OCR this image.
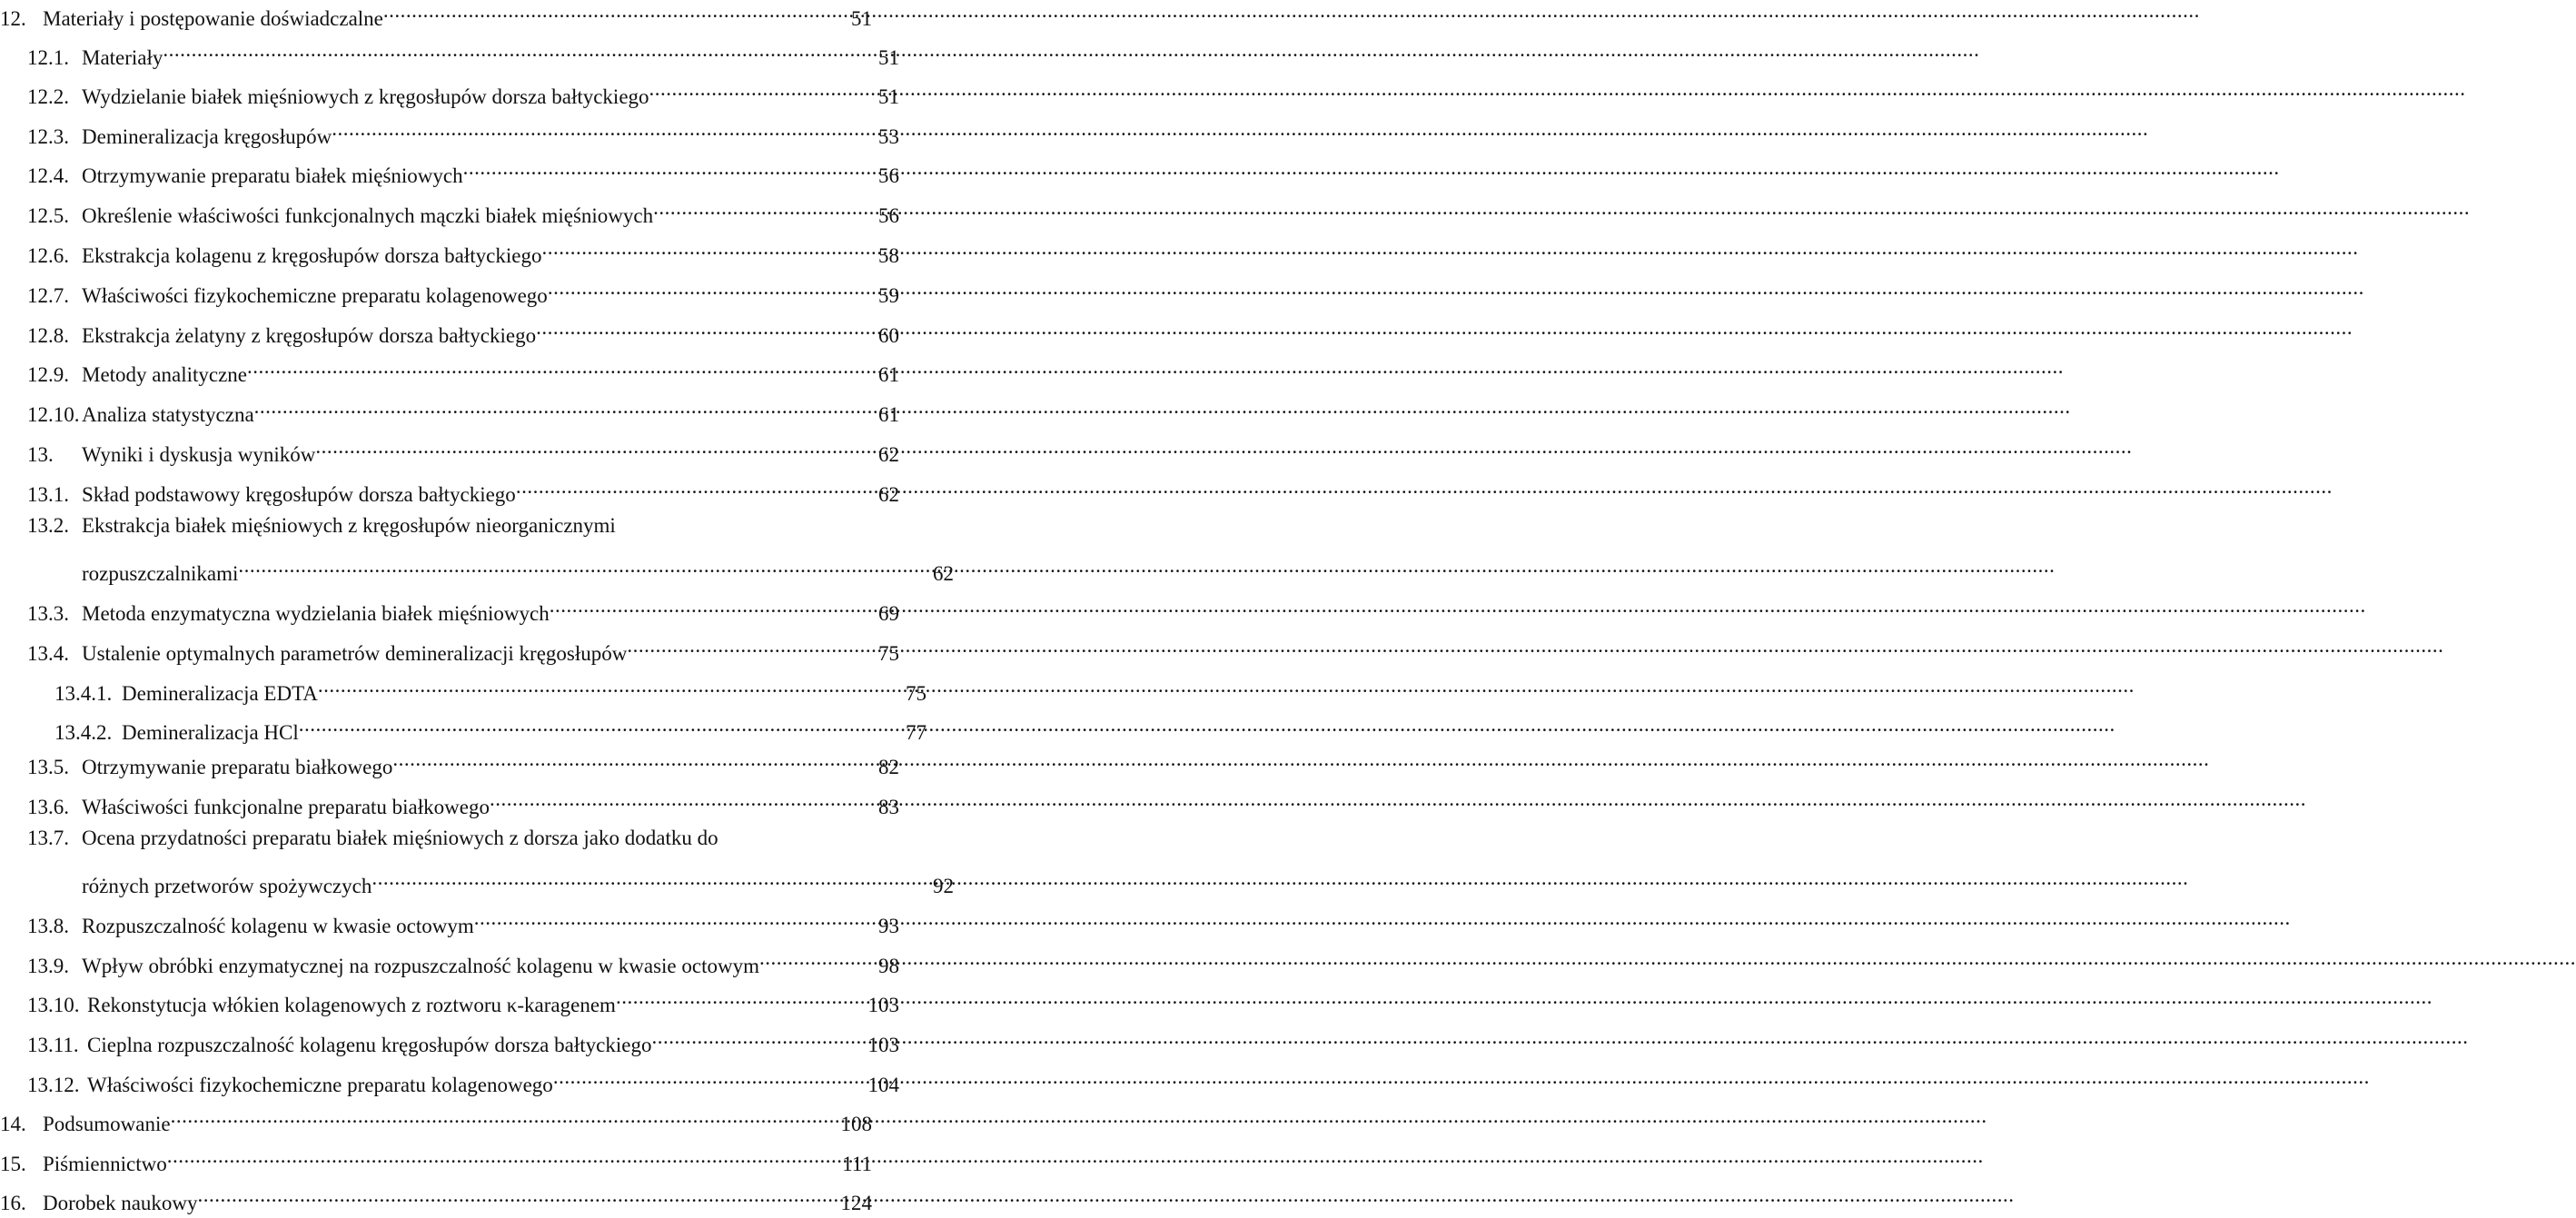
12. Materiały i postępowanie doświadczalne .....	51
12.1. Materiały .....	51
12.2. Wydzielanie białek mięśniowych z kręgosłupów dorsza bałtyckiego .....	51
12.3. Demineralizacja kręgosłupów .....	53
12.4. Otrzymywanie preparatu białek mięśniowych .....	56
12.5. Określenie właściwości funkcjonalnych mączki białek mięśniowych .....	56
12.6. Ekstrakcja kolagenu z kręgosłupów dorsza bałtyckiego .....	58
12.7. Właściwości fizykochemiczne preparatu kolagenowego .....	59
12.8. Ekstrakcja żelatyny z kręgosłupów dorsza bałtyckiego .....	60
12.9. Metody analityczne .....	61
12.10. Analiza statystyczna .....	61
13.	Wyniki i dyskusja wyników .....	62
13.1. Skład podstawowy kręgosłupów dorsza bałtyckiego .....	62
13.2. Ekstrakcja białek mięśniowych z kręgosłupów nieorganicznymi
rozpuszczalnikami .....	62
13.3. Metoda enzymatyczna wydzielania białek mięśniowych .....	69
13.4. Ustalenie optymalnych parametrów demineralizacji kręgosłupów .....	75
13.4.1. Demineralizacja EDTA .....	75
13.4.2. Demineralizacja HCl .....	77
13.5. Otrzymywanie preparatu białkowego .....	82
13.6. Właściwości funkcjonalne preparatu białkowego .....	83
13.7. Ocena przydatności preparatu białek mięśniowych z dorsza jako dodatku do
różnych przetworów spożywczych .....	92
13.8. Rozpuszczalność kolagenu w kwasie octowym .....	93
13.9. Wpływ obróbki enzymatycznej na rozpuszczalność kolagenu w kwasie octowym .....	98
13.10. Rekonstytucja włókien kolagenowych z roztworu κ-karagenem .....	103
13.11. Cieplna rozpuszczalność kolagenu kręgosłupów dorsza bałtyckiego .....	103
13.12. Właściwości fizykochemiczne preparatu kolagenowego .....	104
14. Podsumowanie .....	108
15. Piśmiennictwo .....	111
16. Dorobek naukowy .....	124
